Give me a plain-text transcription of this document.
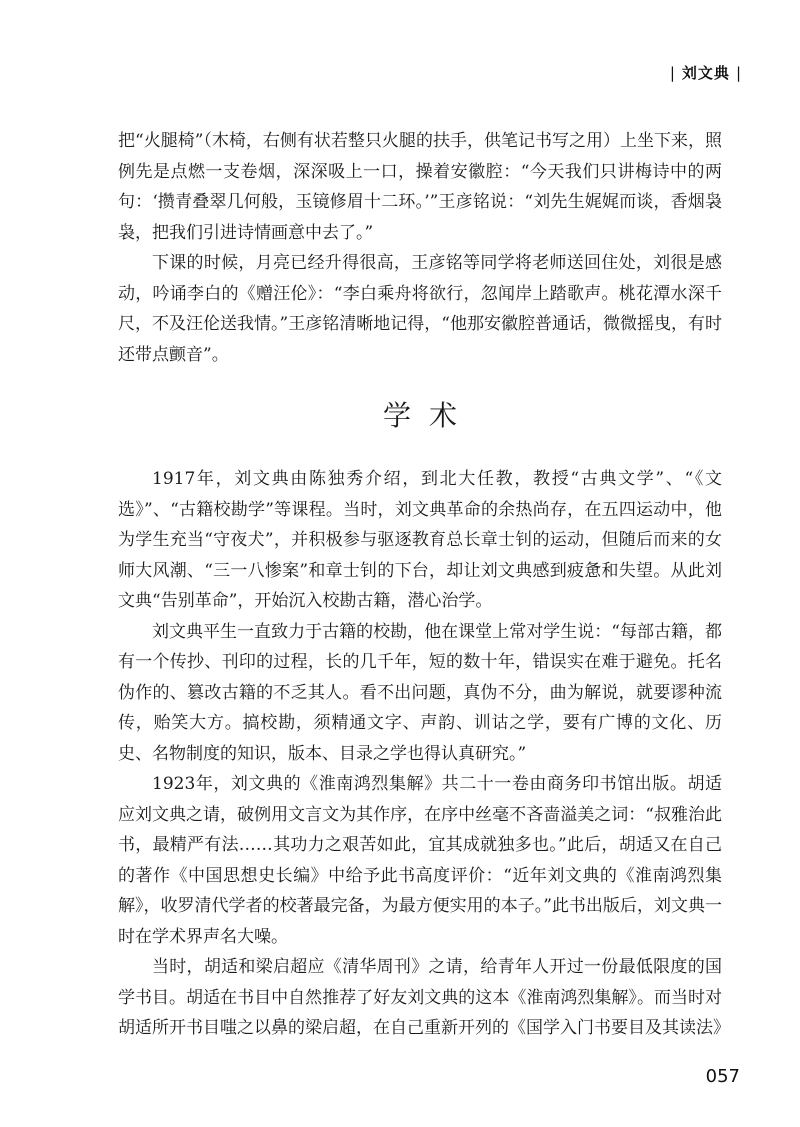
| 刘文典 |

把“火腿椅”（木椅，右侧有状若整只火腿的扶手，供笔记书写之用）上坐下来，照例先是点燃一支卷烟，深深吸上一口，操着安徽腔：“今天我们只讲梅诗中的两句：‘攒青叠翠几何般，玉镜修眉十二环。’”王彦铭说：“刘先生娓娓而谈，香烟袅袅，把我们引进诗情画意中去了。”

下课的时候，月亮已经升得很高，王彦铭等同学将老师送回住处，刘很是感动，吟诵李白的《赠汪伦》：“李白乘舟将欲行，忽闻岸上踏歌声。桃花潭水深千尺，不及汪伦送我情。”王彦铭清晰地记得，“他那安徽腔普通话，微微摇曳，有时还带点颤音”。

学术

1917年，刘文典由陈独秀介绍，到北大任教，教授“古典文学”、“《文选》”、“古籍校勘学”等课程。当时，刘文典革命的余热尚存，在五四运动中，他为学生充当“守夜犬”，并积极参与驱逐教育总长章士钊的运动，但随后而来的女师大风潮、“三一八惨案”和章士钊的下台，却让刘文典感到疲惫和失望。从此刘文典“告别革命”，开始沉入校勘古籍，潜心治学。

刘文典平生一直致力于古籍的校勘，他在课堂上常对学生说：“每部古籍，都有一个传抄、刊印的过程，长的几千年，短的数十年，错误实在难于避免。托名伪作的、篡改古籍的不乏其人。看不出问题，真伪不分，曲为解说，就要谬种流传，贻笑大方。搞校勘，须精通文字、声韵、训诂之学，要有广博的文化、历史、名物制度的知识，版本、目录之学也得认真研究。”

1923年，刘文典的《淮南鸿烈集解》共二十一卷由商务印书馆出版。胡适应刘文典之请，破例用文言文为其作序，在序中丝毫不吝啬溢美之词：“叔雅治此书，最精严有法……其功力之艰苦如此，宜其成就独多也。”此后，胡适又在自己的著作《中国思想史长编》中给予此书高度评价：“近年刘文典的《淮南鸿烈集解》，收罗清代学者的校著最完备，为最方便实用的本子。”此书出版后，刘文典一时在学术界声名大噪。

当时，胡适和梁启超应《清华周刊》之请，给青年人开过一份最低限度的国学书目。胡适在书目中自然推荐了好友刘文典的这本《淮南鸿烈集解》。而当时对胡适所开书目嗤之以鼻的梁启超，在自己重新开列的《国学入门书要目及其读法》

057
